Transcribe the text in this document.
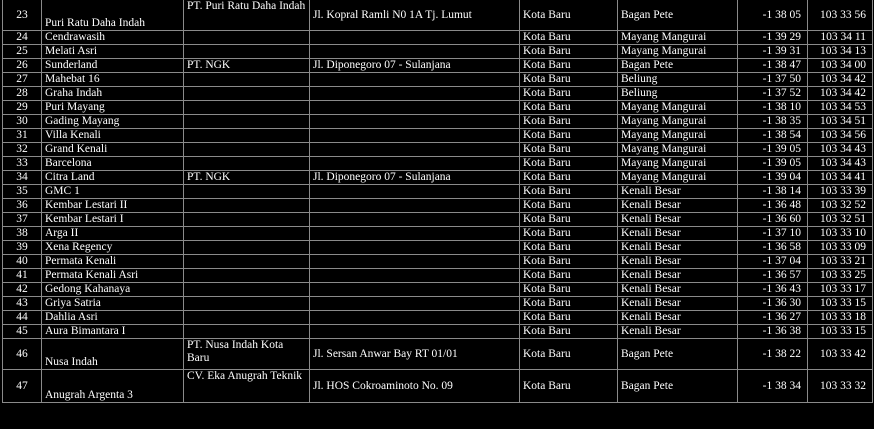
23	Puri Ratu Daha Indah	PT. Puri Ratu Daha Indah	Jl. Kopral Ramli N0 1A Tj. Lumut	Kota Baru	Bagan Pete	-1 38 05	103 33 56
24	Cendrawasih			Kota Baru	Mayang Mangurai	-1 39 29	103 34 11
25	Melati Asri			Kota Baru	Mayang Mangurai	-1 39 31	103 34 13
26	Sunderland	PT. NGK	Jl. Diponegoro 07 - Sulanjana	Kota Baru	Bagan Pete	-1 38 47	103 34 00
27	Mahebat 16			Kota Baru	Beliung	-1 37 50	103 34 42
28	Graha Indah			Kota Baru	Beliung	-1 37 52	103 34 42
29	Puri Mayang			Kota Baru	Mayang Mangurai	-1 38 10	103 34 53
30	Gading Mayang			Kota Baru	Mayang Mangurai	-1 38 35	103 34 51
31	Villa Kenali			Kota Baru	Mayang Mangurai	-1 38 54	103 34 56
32	Grand Kenali			Kota Baru	Mayang Mangurai	-1 39 05	103 34 43
33	Barcelona			Kota Baru	Mayang Mangurai	-1 39 05	103 34 43
34	Citra Land	PT. NGK	Jl. Diponegoro 07 - Sulanjana	Kota Baru	Mayang Mangurai	-1 39 04	103 34 41
35	GMC 1			Kota Baru	Kenali Besar	-1 38 14	103 33 39
36	Kembar Lestari II			Kota Baru	Kenali Besar	-1 36 48	103 32 52
37	Kembar Lestari I			Kota Baru	Kenali Besar	-1 36 60	103 32 51
38	Arga II			Kota Baru	Kenali Besar	-1 37 10	103 33 10
39	Xena Regency			Kota Baru	Kenali Besar	-1 36 58	103 33 09
40	Permata Kenali			Kota Baru	Kenali Besar	-1 37 04	103 33 21
41	Permata Kenali Asri			Kota Baru	Kenali Besar	-1 36 57	103 33 25
42	Gedong Kahanaya			Kota Baru	Kenali Besar	-1 36 43	103 33 17
43	Griya Satria			Kota Baru	Kenali Besar	-1 36 30	103 33 15
44	Dahlia Asri			Kota Baru	Kenali Besar	-1 36 27	103 33 18
45	Aura Bimantara I			Kota Baru	Kenali Besar	-1 36 38	103 33 15
46	Nusa Indah	PT. Nusa Indah Kota Baru	Jl. Sersan Anwar Bay RT 01/01	Kota Baru	Bagan Pete	-1 38 22	103 33 42
47	Anugrah Argenta 3	CV. Eka Anugrah Teknik	Jl. HOS Cokroaminoto No. 09	Kota Baru	Bagan Pete	-1 38 34	103 33 32
